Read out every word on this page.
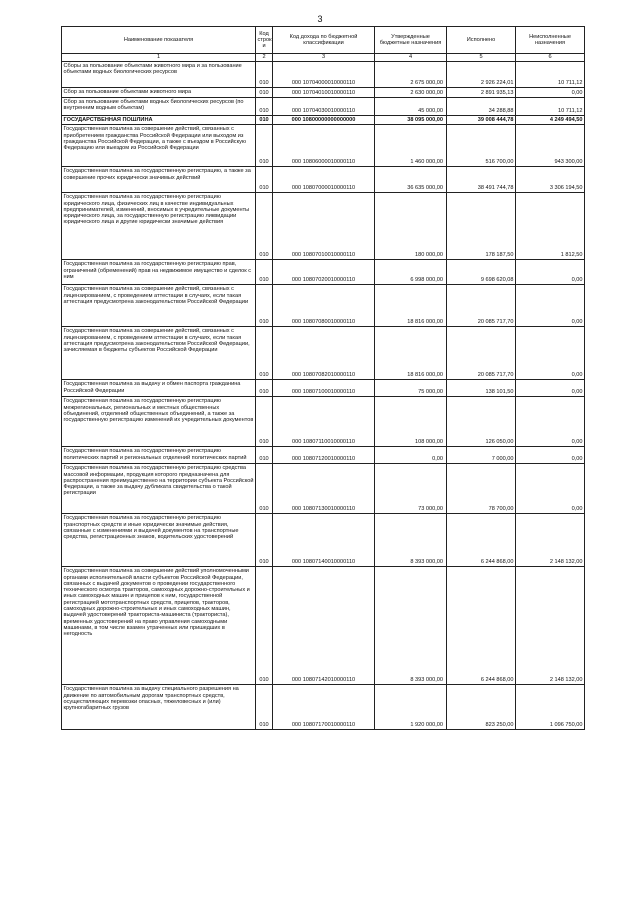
3
Наименование показателя	Код строк и	Код дохода по бюджетной классификации	Утвержденные бюджетные назначения	Исполнено	Неисполненные назначения
1	2	3	4	5	6
Сборы за пользование объектами животного мира и за пользование объектами водных биологических ресурсов	010	000 10704000010000110	2 675 000,00	2 926 224,01	10 711,12
Сбор за пользование объектами животного мира	010	000 10704010010000110	2 630 000,00	2 891 935,13	0,00
Сбор за пользование объектами водных биологических ресурсов (по внутренним водным объектам)	010	000 10704030010000110	45 000,00	34 288,88	10 711,12
ГОСУДАРСТВЕННАЯ ПОШЛИНА	010	000 10800000000000000	38 095 000,00	39 008 444,78	4 249 494,50
Государственная пошлина за совершение действий, связанных с приобретением гражданства Российской Федерации или выходом из гражданства Российской Федерации, а также с въездом в Российскую Федерацию или выездом из Российской Федерации	010	000 10806000010000110	1 460 000,00	516 700,00	943 300,00
Государственная пошлина за государственную регистрацию, а также за совершение прочих юридически значимых действий	010	000 10807000010000110	36 635 000,00	38 491 744,78	3 306 194,50
Государственная пошлина за государственную регистрацию юридического лица, физических лиц в качестве индивидуальных предпринимателей, изменений, вносимых в учредительные документы юридического лица, за государственную регистрацию ликвидации юридического лица и другие юридически значимые действия	010	000 10807010010000110	180 000,00	178 187,50	1 812,50
Государственная пошлина за государственную регистрацию прав, ограничений (обременений) прав на недвижимое имущество и сделок с ним	010	000 10807020010000110	6 998 000,00	9 698 620,08	0,00
Государственная пошлина за совершение действий, связанных с лицензированием, с проведением аттестации в случаях, если такая аттестация предусмотрена законодательством Российской Федерации	010	000 10807080010000110	18 816 000,00	20 085 717,70	0,00
Государственная пошлина за совершение действий, связанных с лицензированием, с проведением аттестации в случаях, если такая аттестация предусмотрена законодательством Российской Федерации, зачисляемая в бюджеты субъектов Российской Федерации	010	000 10807082010000110	18 816 000,00	20 085 717,70	0,00
Государственная пошлина за выдачу и обмен паспорта гражданина Российской Федерации	010	000 10807100010000110	75 000,00	138 101,50	0,00
Государственная пошлина за государственную регистрацию межрегиональных, региональных и местных общественных объединений, отделений общественных объединений, а также за государственную регистрацию изменений их учредительных документов	010	000 10807110010000110	108 000,00	126 050,00	0,00
Государственная пошлина за государственную регистрацию политических партий и региональных отделений политических партий	010	000 10807120010000110	0,00	7 000,00	0,00
Государственная пошлина за государственную регистрацию средства массовой информации, продукция которого предназначена для распространения преимущественно на территории субъекта Российской Федерации, а также за выдачу дубликата свидетельства о такой регистрации	010	000 10807130010000110	73 000,00	78 700,00	0,00
Государственная пошлина за государственную регистрацию транспортных средств и иные юридически значимые действия, связанные с изменениями и выдачей документов на транспортные средства, регистрационных знаков, водительских удостоверений	010	000 10807140010000110	8 393 000,00	6 244 868,00	2 148 132,00
Государственная пошлина за совершение действий уполномоченными органами исполнительной власти субъектов Российской Федерации, связанных с выдачей документов о проведении государственного технического осмотра тракторов, самоходных дорожно-строительных и иных самоходных машин и прицепов к ним, государственной регистрацией мототранспортных средств, прицепов, тракторов, самоходных дорожно-строительных и иных самоходных машин, выдачей удостоверений тракториста-машиниста (тракториста), временных удостоверений на право управления самоходными машинами, в том числе взамен утраченных или пришедших в негодность	010	000 10807142010000110	8 393 000,00	6 244 868,00	2 148 132,00
Государственная пошлина за выдачу специального разрешения на движение по автомобильным дорогам транспортных средств, осуществляющих перевозки опасных, тяжеловесных и (или) крупногабаритных грузов	010	000 10807170010000110	1 920 000,00	823 250,00	1 096 750,00
